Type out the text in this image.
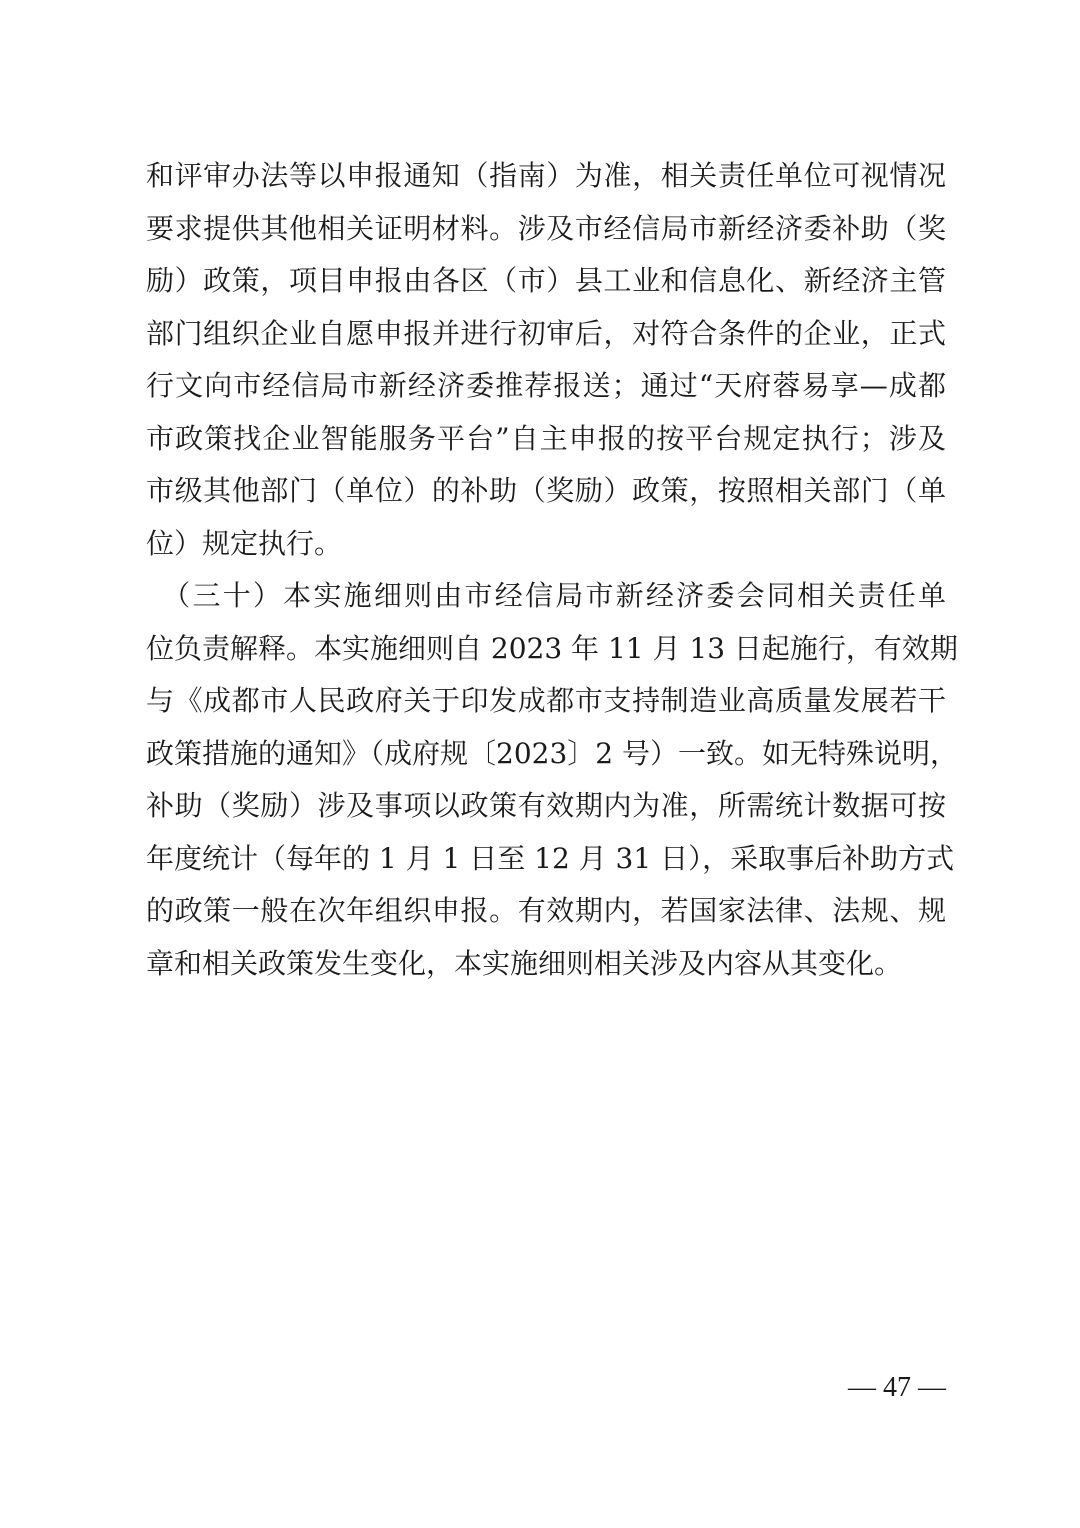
和评审办法等以申报通知（指南）为准，相关责任单位可视情况
要求提供其他相关证明材料。涉及市经信局市新经济委补助（奖
励）政策，项目申报由各区（市）县工业和信息化、新经济主管
部门组织企业自愿申报并进行初审后，对符合条件的企业，正式
行文向市经信局市新经济委推荐报送；通过“天府蓉易享—成都
市政策找企业智能服务平台”自主申报的按平台规定执行；涉及
市级其他部门（单位）的补助（奖励）政策，按照相关部门（单
位）规定执行。
　（三十）本实施细则由市经信局市新经济委会同相关责任单
位负责解释。本实施细则自 2023 年 11 月 13 日起施行，有效期
与《成都市人民政府关于印发成都市支持制造业高质量发展若干
政策措施的通知》（成府规〔2023〕2 号）一致。如无特殊说明，
补助（奖励）涉及事项以政策有效期内为准，所需统计数据可按
年度统计（每年的 1 月 1 日至 12 月 31 日），采取事后补助方式
的政策一般在次年组织申报。有效期内，若国家法律、法规、规
章和相关政策发生变化，本实施细则相关涉及内容从其变化。
— 47 —
